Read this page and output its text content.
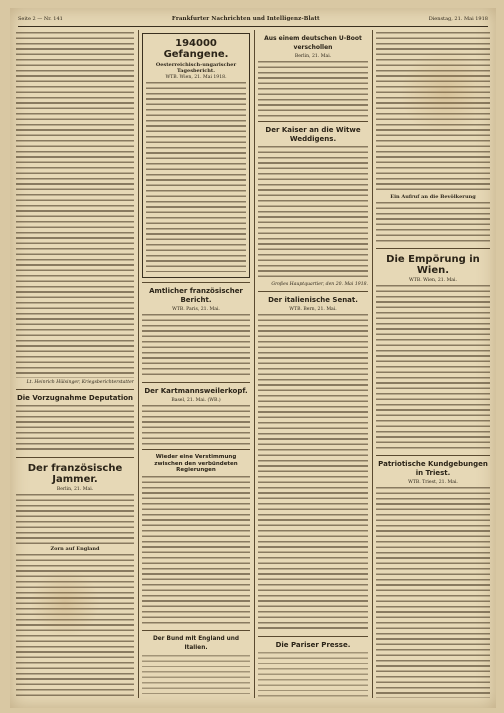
Seite 2 — Nr. 141	Frankfurter Nachrichten und Intelligenz-Blatt	Dienstag, 21. Mai 1918
Lt. Heinrich Hülsinger, Kriegsberichterstatter
Die Vorzugnahme Deputation
Der französische Jammer.
Berlin, 21. Mai.
Zorn auf England
194000 Gefangene.
Oesterreichisch-ungarischer Tagesbericht.
WTB. Wien, 21. Mai 1918.
Amtlicher französischer Bericht.
WTB. Paris, 21. Mai.
Der Kartmannsweilerkopf.
Basel, 21. Mai. (WB.)
Wieder eine Verstimmung zwischen den verbündeten Regierungen
Der Bund mit England und Italien.
Aus einem deutschen U-Boot verschollen
Berlin, 21. Mai.
Der Kaiser an die Witwe Weddigens.
Großes Hauptquartier, den 20. Mai 1918.
Der italienische Senat.
WTB. Bern, 21. Mai.
Die Pariser Presse.
Ein Aufruf an die Bevölkerung
Die Empörung in Wien.
WTB. Wien, 21. Mai.
Patriotische Kundgebungen in Triest.
WTB. Triest, 21. Mai.
